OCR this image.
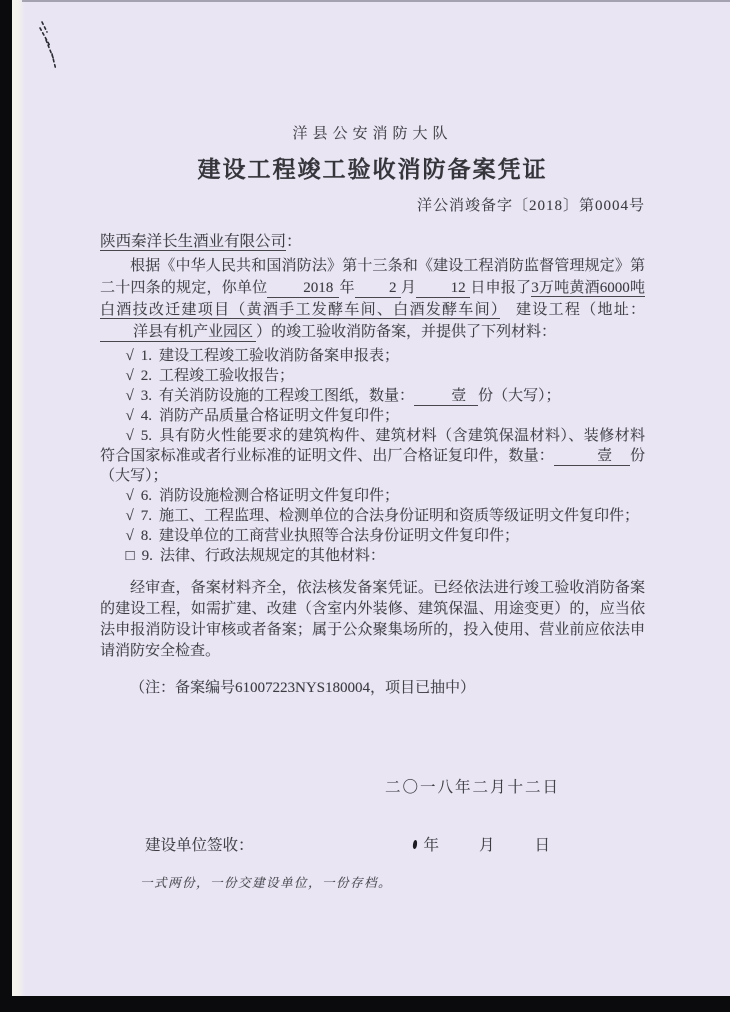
洋县公安消防大队
建设工程竣工验收消防备案凭证
洋公消竣备字〔2018〕第0004号
陕西秦洋长生酒业有限公司：

根据《中华人民共和国消防法》第十三条和《建设工程消防监督管理规定》第二十四条的规定，你单位 2018 年 2 月 12 日申报了3万吨黄酒6000吨白酒技改迁建项目（黄酒手工发酵车间、白酒发酵车间）　 建设工程（地址：洋县有机产业园区 ）的竣工验收消防备案，并提供了下列材料：

√ 1. 建设工程竣工验收消防备案申报表；
√ 2. 工程竣工验收报告；
√ 3. 有关消防设施的工程竣工图纸，数量： 壹 份（大写）；
√ 4. 消防产品质量合格证明文件复印件；
√ 5. 具有防火性能要求的建筑构件、建筑材料（含建筑保温材料）、装修材料符合国家标准或者行业标准的证明文件、出厂合格证复印件，数量：	壹 份（大写）；
√ 6. 消防设施检测合格证明文件复印件；
√ 7. 施工、工程监理、检测单位的合法身份证明和资质等级证明文件复印件；
√ 8. 建设单位的工商营业执照等合法身份证明文件复印件；
□ 9. 法律、行政法规规定的其他材料：

经审查，备案材料齐全，依法核发备案凭证。已经依法进行竣工验收消防备案的建设工程，如需扩建、改建（含室内外装修、建筑保温、用途变更）的，应当依法申报消防设计审核或者备案；属于公众聚集场所的，投入使用、营业前应依法申请消防安全检查。

（注：备案编号61007223NYS180004，项目已抽中）

二〇一八年二月十二日
建设单位签收：	年	月	日
一式两份，一份交建设单位，一份存档。
